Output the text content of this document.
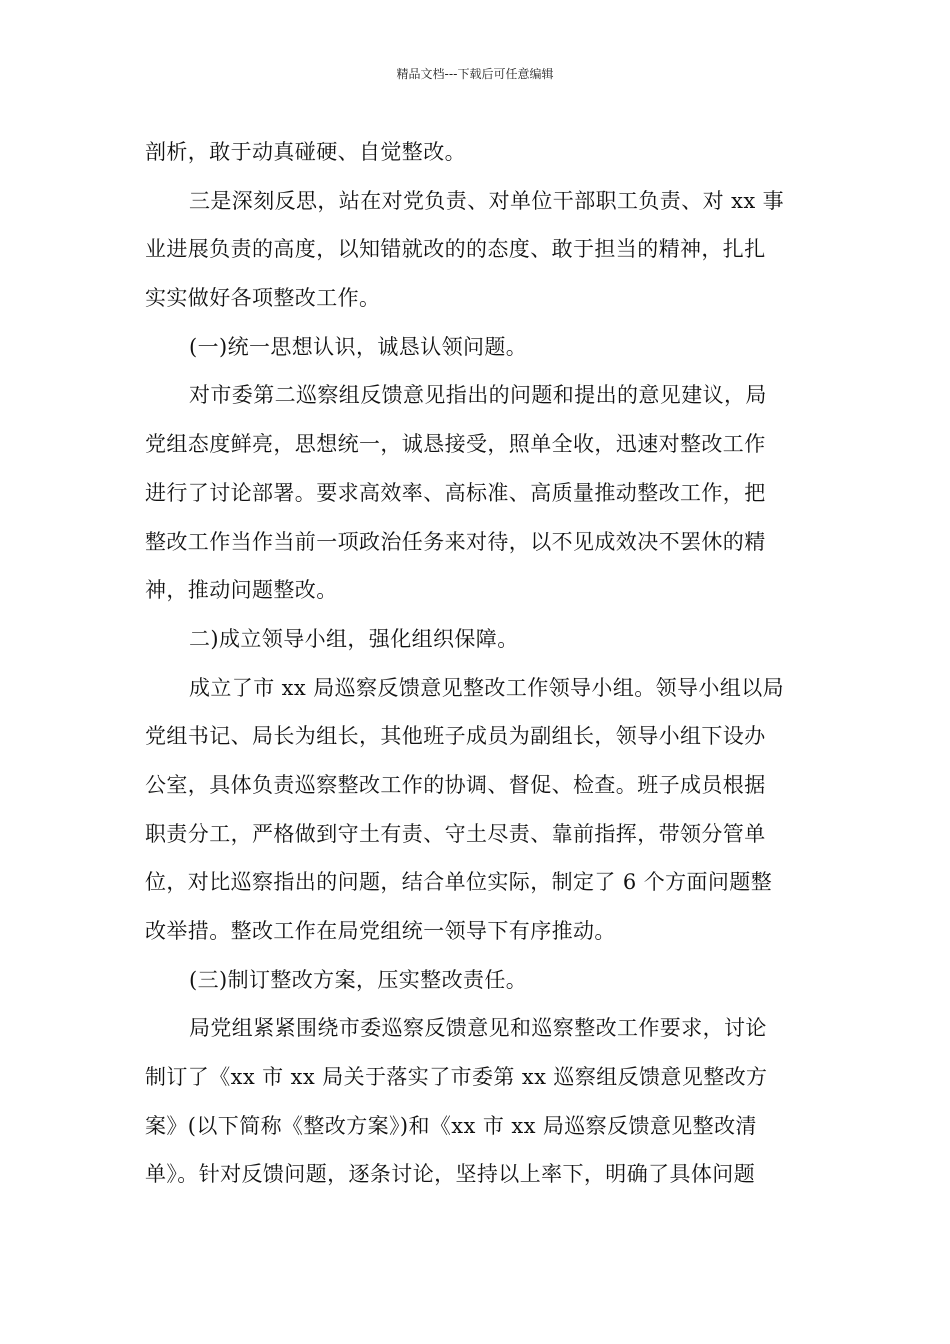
精品文档---下载后可任意编辑
剖析，敢于动真碰硬、自觉整改。
三是深刻反思，站在对党负责、对单位干部职工负责、对 xx 事
业进展负责的高度，以知错就改的的态度、敢于担当的精神，扎扎
实实做好各项整改工作。
(一)统一思想认识，诚恳认领问题。
对市委第二巡察组反馈意见指出的问题和提出的意见建议，局
党组态度鲜亮，思想统一，诚恳接受，照单全收，迅速对整改工作
进行了讨论部署。要求高效率、高标准、高质量推动整改工作，把
整改工作当作当前一项政治任务来对待，以不见成效决不罢休的精
神，推动问题整改。
二)成立领导小组，强化组织保障。
成立了市 xx 局巡察反馈意见整改工作领导小组。领导小组以局
党组书记、局长为组长，其他班子成员为副组长，领导小组下设办
公室，具体负责巡察整改工作的协调、督促、检查。班子成员根据
职责分工，严格做到守土有责、守土尽责、靠前指挥，带领分管单
位，对比巡察指出的问题，结合单位实际，制定了 6 个方面问题整
改举措。整改工作在局党组统一领导下有序推动。
(三)制订整改方案，压实整改责任。
局党组紧紧围绕市委巡察反馈意见和巡察整改工作要求，讨论
制订了《xx 市 xx 局关于落实了市委第 xx 巡察组反馈意见整改方
案》(以下简称《整改方案》)和《xx 市 xx 局巡察反馈意见整改清
单》。针对反馈问题，逐条讨论，坚持以上率下，明确了具体问题
